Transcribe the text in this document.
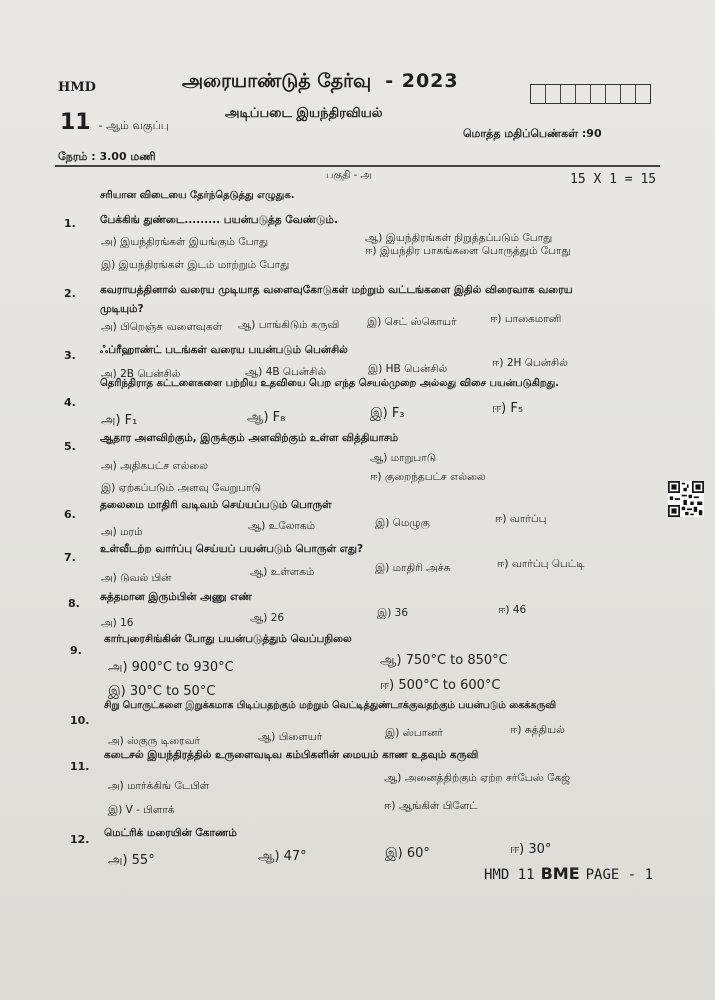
HMD	அரையாண்டுத் தேர்வு - 2023
11 - ஆம் வகுப்பு
அடிப்படை இயந்திரவியல்
மொத்த மதிப்பெண்கள் :90
நேரம் : 3.00 மணி
பகுதி - அ	15 X 1 = 15
சரியான விடையை தேர்ந்தெடுத்து எழுதுக.
1. பேக்கிங் துண்டை......... பயன்படுத்த வேண்டும்.
அ) இயந்திரங்கள் இயங்கும் போது	ஆ) இயந்திரங்கள் நிறுத்தப்படும் போது
இ) இயந்திரங்கள் இடம் மாற்றும் போது
ஈ) இயந்திர பாகங்களை பொருத்தும் போது
2. கவராயத்தினால் வரைய முடியாத வளைவுகோடுகள் மற்றும் வட்டங்களை இதில் விரைவாக வரைய
முடியும்?
அ) பிறெஞ்சு வளைவுகள் ஆ) பாங்கிடும் கருவி	இ) செட் ஸ்கொயர்	ஈ) பாகைமானி
3. ஃப்ரீஹாண்ட் படங்கள் வரைய பயன்படும் பென்சில்
அ) 2B பென்சில்	ஆ) 4B பென்சில்	இ) HB பென்சில்	ஈ) 2H பென்சில்
4.
தெரிந்திராத கட்டளைகளை பற்றிய உதவியை பெற எந்த செயல்முறை அல்லது விசை பயன்படுகிறது.
அ) F₁	ஆ) F₈	இ) F₃	ஈ) F₅
5.
ஆதார அளவிற்கும், இருக்கும் அளவிற்கும் உள்ள வித்தியாசம்
அ) அதிகபட்ச எல்லை
ஆ) மாறுபாடு
இ) ஏற்கப்படும் அளவு வேறுபாடு
ஈ) குறைந்தபட்ச எல்லை
6.
தலைமை மாதிரி வடிவம் செய்யப்படும் பொருள்
அ) மரம்	ஆ) உலோகம்	இ) மெழுகு	ஈ) வார்ப்பு
7.
உள்வீடற்ற வார்ப்பு செய்யப் பயன்படும் பொருள் எது?
அ) டுவல் பின்	ஆ) உள்ளகம்	இ) மாதிரி அச்சு	ஈ) வார்ப்பு பெட்டி
8. சுத்தமான இரும்பின் அணு எண்
அ) 16	ஆ) 26	இ) 36	ஈ) 46
9.
கார்புரைசிங்கின் போது பயன்படுத்தும் வெப்பநிலை
அ) 900°C to 930°C	ஆ) 750°C to 850°C
இ) 30°C to 50°C	ஈ) 500°C to 600°C
10.
சிறு பொருட்களை இறுக்கமாக பிடிப்பதற்கும் மற்றும் வெட்டித்துண்டாக்குவதற்கும் பயன்படும் கைக்கருவி
அ) ஸ்குரு டிரைவர்	ஆ) பிளையர்	இ) ஸ்பானர்	ஈ) சுத்தியல்
11.
கடைசல் இயந்திரத்தில் உருளைவடிவ கம்பிகளின் மையம் காண உதவும் கருவி
அ) மார்க்கிங் டேபிள்
ஆ) அனைத்திற்கும் ஏற்ற சர்பேஸ் கேஜ்
இ) V - பிளாக்	ஈ) ஆங்கிள் பிளேட்
12. மெட்ரிக் மரையின் கோணம்
அ) 55°	ஆ) 47°	இ) 60°	ஈ) 30°
HMD 11 BME PAGE - 1
